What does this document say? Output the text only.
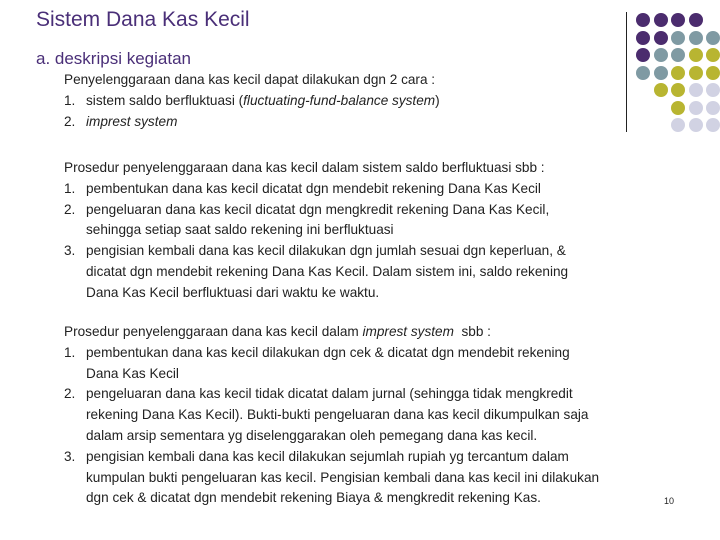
Sistem Dana Kas Kecil
a. deskripsi kegiatan
Penyelenggaraan dana kas kecil dapat dilakukan dgn 2 cara :
1. sistem saldo berfluktuasi (fluctuating-fund-balance system)
2. imprest system
Prosedur penyelenggaraan dana kas kecil dalam sistem saldo berfluktuasi sbb :
1. pembentukan dana kas kecil dicatat dgn mendebit rekening Dana Kas Kecil
2. pengeluaran dana kas kecil dicatat dgn mengkredit rekening Dana Kas Kecil,
sehingga setiap saat saldo rekening ini berfluktuasi
3. pengisian kembali dana kas kecil dilakukan dgn jumlah sesuai dgn keperluan, &
dicatat dgn mendebit rekening Dana Kas Kecil. Dalam sistem ini, saldo rekening
Dana Kas Kecil berfluktuasi dari waktu ke waktu.
Prosedur penyelenggaraan dana kas kecil dalam imprest system sbb :
1. pembentukan dana kas kecil dilakukan dgn cek & dicatat dgn mendebit rekening
Dana Kas Kecil
2. pengeluaran dana kas kecil tidak dicatat dalam jurnal (sehingga tidak mengkredit
rekening Dana Kas Kecil). Bukti-bukti pengeluaran dana kas kecil dikumpulkan saja
dalam arsip sementara yg diselenggarakan oleh pemegang dana kas kecil.
3. pengisian kembali dana kas kecil dilakukan sejumlah rupiah yg tercantum dalam
kumpulan bukti pengeluaran kas kecil. Pengisian kembali dana kas kecil ini dilakukan
dgn cek & dicatat dgn mendebit rekening Biaya & mengkredit rekening Kas.	10
